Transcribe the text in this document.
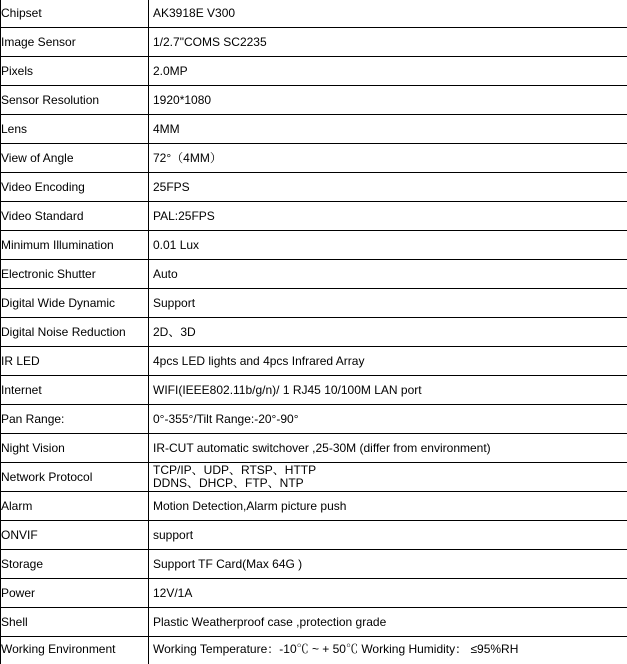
Chipset	AK3918E V300

Image Sensor	1/2.7"COMS SC2235

Pixels	2.0MP

Sensor Resolution	1920*1080

Lens	4MM

View of Angle	72°（4MM）

Video Encoding	25FPS

Video Standard	PAL:25FPS

Minimum Illumination	0.01 Lux

Electronic Shutter	Auto

Digital Wide Dynamic	Support

Digital Noise Reduction	2D、3D

IR LED	4pcs LED lights and 4pcs Infrared Array

Internet	WIFI(IEEE802.11b/g/n)/ 1 RJ45 10/100M LAN port

Pan Range:	0°-355°/Tilt Range:-20°-90°

Night Vision	IR-CUT automatic switchover ,25-30M (differ from environment)

Network Protocol	TCP/IP、UDP、RTSP、HTTP
DDNS、DHCP、FTP、NTP

Alarm	Motion Detection,Alarm picture push

ONVIF	support

Storage	Support TF Card(Max 64G )

Power	12V/1A

Shell	Plastic Weatherproof case ,protection grade

Working Environment	Working Temperature：-10℃ ~ + 50℃ Working Humidity： ≤95%RH
